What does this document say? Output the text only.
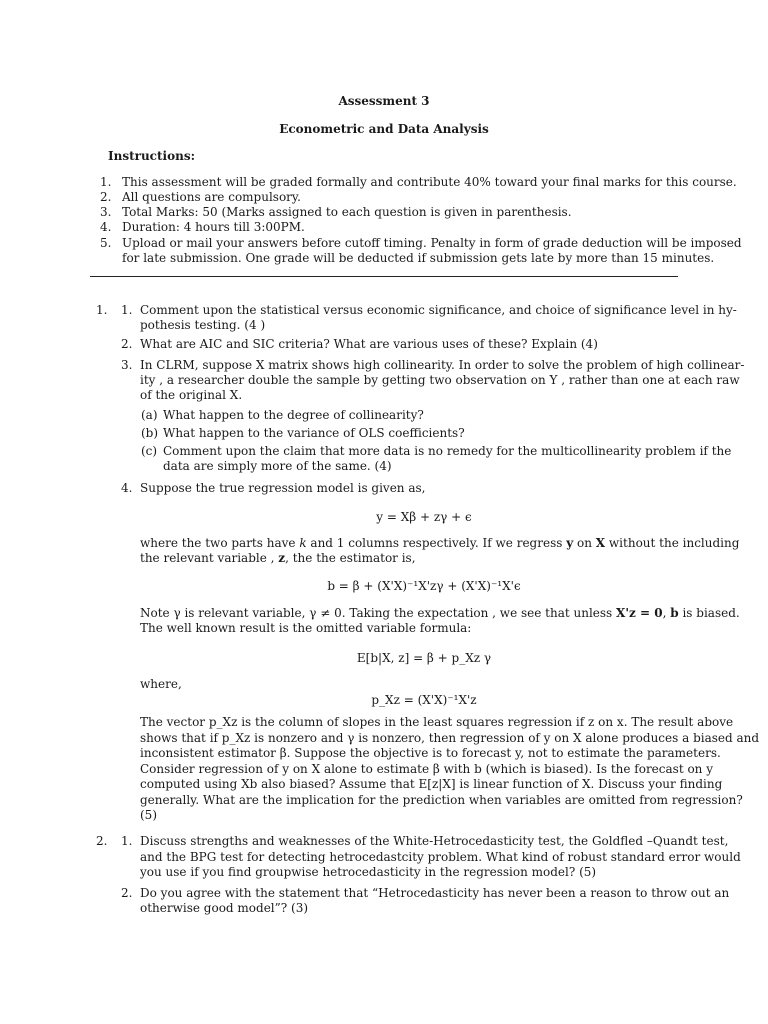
Assessment 3
Econometric and Data Analysis
Instructions:
1. This assessment will be graded formally and contribute 40% toward your final marks for this course.
2. All questions are compulsory.
3. Total Marks: 50 (Marks assigned to each question is given in parenthesis.
4. Duration: 4 hours till 3:00PM.
5. Upload or mail your answers before cutoff timing. Penalty in form of grade deduction will be imposed
for late submission. One grade will be deducted if submission gets late by more than 15 minutes.
1. 1. Comment upon the statistical versus economic significance, and choice of significance level in hy-
pothesis testing. (4 )
2. What are AIC and SIC criteria? What are various uses of these? Explain (4)
3. In CLRM, suppose X matrix shows high collinearity. In order to solve the problem of high collinear-
ity , a researcher double the sample by getting two observation on Y , rather than one at each raw
of the original X.
(a) What happen to the degree of collinearity?
(b) What happen to the variance of OLS coefficients?
(c) Comment upon the claim that more data is no remedy for the multicollinearity problem if the
data are simply more of the same. (4)
4. Suppose the true regression model is given as,
y = Xβ + zγ + ϵ
where the two parts have k and 1 columns respectively. If we regress y on X without the including
the relevant variable , z, the the estimator is,
b = β + (X'X)⁻¹X'zγ + (X'X)⁻¹X'ϵ
Note γ is relevant variable, γ ≠ 0. Taking the expectation , we see that unless X'z = 0, b is biased.
The well known result is the omitted variable formula:
E[b|X, z] = β + p_Xz γ
where,
p_Xz = (X'X)⁻¹X'z
The vector p_Xz is the column of slopes in the least squares regression if z on x. The result above
shows that if p_Xz is nonzero and γ is nonzero, then regression of y on X alone produces a biased and
inconsistent estimator β. Suppose the objective is to forecast y, not to estimate the parameters.
Consider regression of y on X alone to estimate β with b (which is biased). Is the forecast on y
computed using Xb also biased? Assume that E[z|X] is linear function of X. Discuss your finding
generally. What are the implication for the prediction when variables are omitted from regression?
(5)
2. 1. Discuss strengths and weaknesses of the White-Hetrocedasticity test, the Goldfled –Quandt test,
and the BPG test for detecting hetrocedastcity problem. What kind of robust standard error would
you use if you find groupwise hetrocedasticity in the regression model? (5)
2. Do you agree with the statement that “Hetrocedasticity has never been a reason to throw out an
otherwise good model”? (3)
